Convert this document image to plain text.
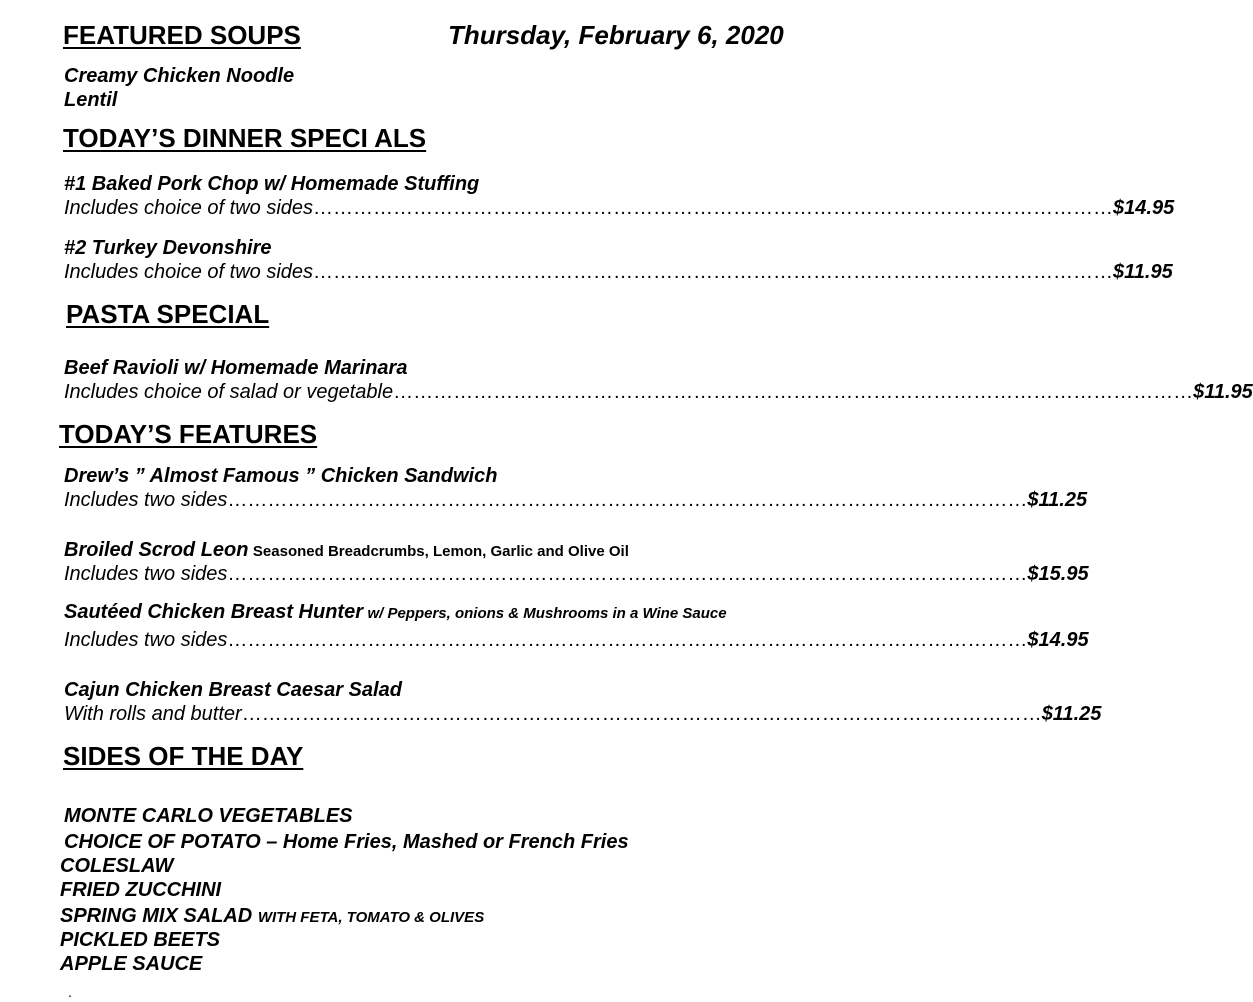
FEATURED SOUPS	Thursday, February 6, 2020
Creamy Chicken Noodle
Lentil
TODAY’S DINNER SPECI ALS
#1 Baked Pork Chop w/ Homemade Stuffing
Includes choice of two sides ………………………………………………………………………………………………………… $14.95
#2 Turkey Devonshire
Includes choice of two sides ………………………………………………………………………………………………………… $11.95
PASTA SPECIAL
Beef Ravioli w/ Homemade Marinara
Includes choice of salad or vegetable ………………………………………………………………………………………………………… $11.95
TODAY’S FEATURES
Drew’s ” Almost Famous ” Chicken Sandwich
Includes two sides ………………………………………………………………………………………………………… $11.25
Broiled Scrod Leon Seasoned Breadcrumbs, Lemon, Garlic and Olive Oil
Includes two sides ………………………………………………………………………………………………………… $15.95
Sautéed Chicken Breast Hunter w/ Peppers, onions & Mushrooms in a Wine Sauce
Includes two sides ………………………………………………………………………………………………………… $14.95
Cajun Chicken Breast Caesar Salad
With rolls and butter ………………………………………………………………………………………………………… $11.25
SIDES OF THE DAY
MONTE CARLO VEGETABLES
CHOICE OF POTATO – Home Fries, Mashed or French Fries
COLESLAW
FRIED ZUCCHINI
SPRING MIX SALAD WITH FETA, TOMATO & OLIVES
PICKLED BEETS
APPLE SAUCE
.
